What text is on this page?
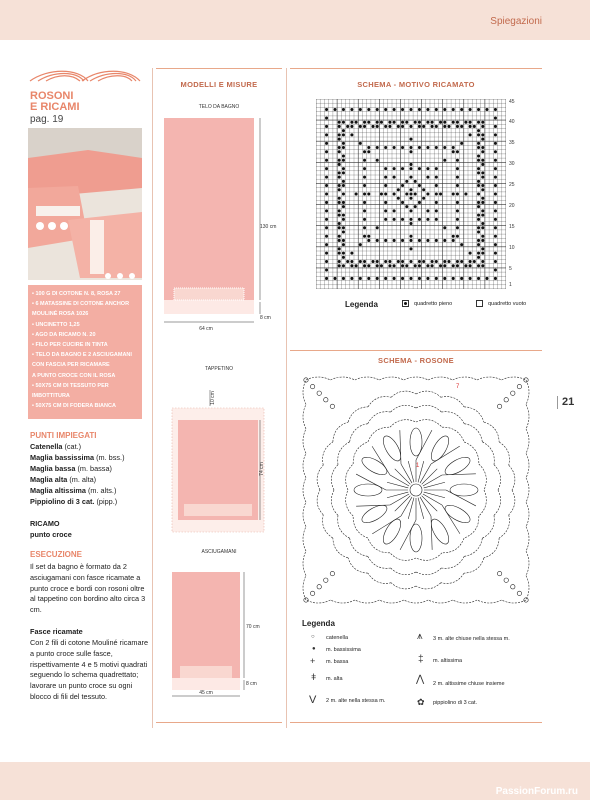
Spiegazioni
PassionForum.ru
21
ROSONI
E RICAMI
pag. 19
• 100 G DI COTONE N. 8, ROSA 27
• 6 MATASSINE DI COTONE ANCHOR
MOULINÉ ROSA 1026
• UNCINETTO 1,25
• AGO DA RICAMO N. 20
• FILO PER CUCIRE IN TINTA
• TELO DA BAGNO E 2 ASCIUGAMANI
CON FASCIA PER RICAMARE
A PUNTO CROCE CON IL ROSA
• 50X75 CM DI TESSUTO PER
IMBOTTITURA
• 50X75 CM DI FODERA BIANCA
PUNTI IMPIEGATI
Catenella (cat.)
Maglia bassissima (m. bss.)
Maglia bassa (m. bassa)
Maglia alta (m. alta)
Maglia altissima (m. alts.)
Pippiolino di 3 cat. (pipp.)
RICAMO
punto croce
ESECUZIONE
Il set da bagno è formato da 2 asciugamani con fasce ricamate a punto croce e bordi con rosoni oltre al tappetino con bordino alto circa 3 cm.
Fasce ricamate
Con 2 fili di cotone Mouliné ricamare a punto croce sulle fasce, rispettivamente 4 e 5 motivi quadrati seguendo lo schema quadrettato; lavorare un punto croce su ogni blocco di fili del tessuto.
MODELLI E MISURE
TELO DA BAGNO
130 cm
8 cm
64 cm
TAPPETINO
10 cm
74 cm
ASCIUGAMANI
70 cm
8 cm
45 cm
SCHEMA - MOTIVO RICAMATO
45
40
35
30
25
20
15
10
5
1
Legenda	quadretto pieno	quadretto vuoto
SCHEMA - ROSONE
1
7
Legenda
○ catenella
● m. bassissima
+ m. bassa
ǂ m. alta
V 2 m. alte nella stessa m.
⩚ 3 m. alte chiuse nella stessa m.
‡ m. altissima
⋀ 2 m. altissime chiuse insieme
✿ pippiolino di 3 cat.
